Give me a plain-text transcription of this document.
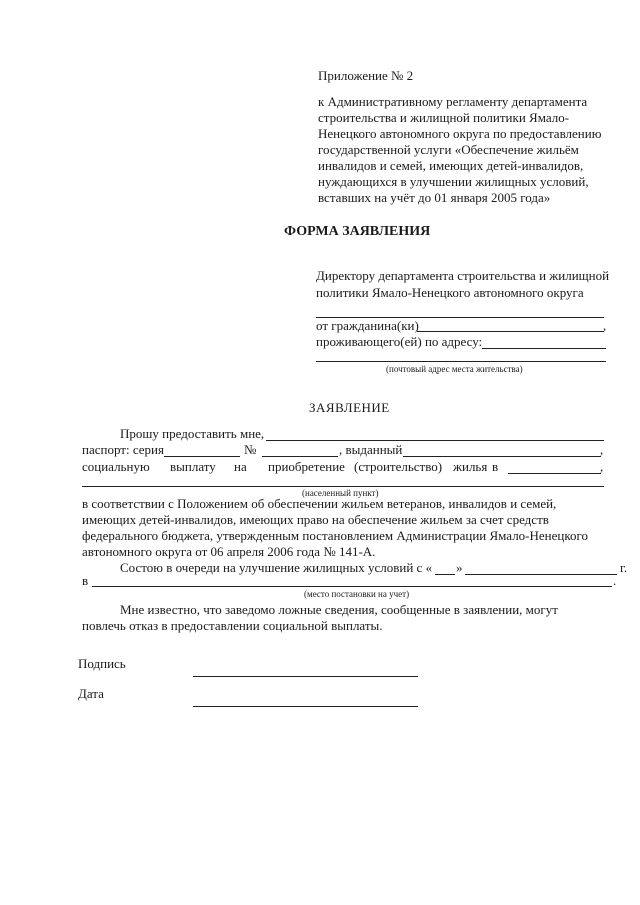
Приложение № 2
к Административному регламенту департамента
строительства и жилищной политики Ямало-
Ненецкого автономного округа по предоставлению
государственной услуги «Обеспечение жильём
инвалидов и семей, имеющих детей-инвалидов,
нуждающихся в улучшении жилищных условий,
вставших на учёт до 01 января 2005 года»
ФОРМА ЗАЯВЛЕНИЯ
Директору департамента строительства и жилищной
политики Ямало-Ненецкого автономного округа
от гражданина(ки)	,
проживающего(ей) по адресу:
(почтовый адрес места жительства)
ЗАЯВЛЕНИЕ
Прошу предоставить мне,
паспорт: серия	№	, выданный	,
социальную выплату на приобретение (строительство) жилья в	,
(населенный пункт)
в соответствии с Положением об обеспечении жильем ветеранов, инвалидов и семей,
имеющих детей-инвалидов, имеющих право на обеспечение жильем за счет средств
федерального бюджета, утвержденным постановлением Администрации Ямало-Ненецкого
автономного округа от 06 апреля 2006 года № 141-А.
Состою в очереди на улучшение жилищных условий с « »	г.
в	.
(место постановки на учет)
Мне известно, что заведомо ложные сведения, сообщенные в заявлении, могут
повлечь отказ в предоставлении социальной выплаты.
Подпись
Дата
